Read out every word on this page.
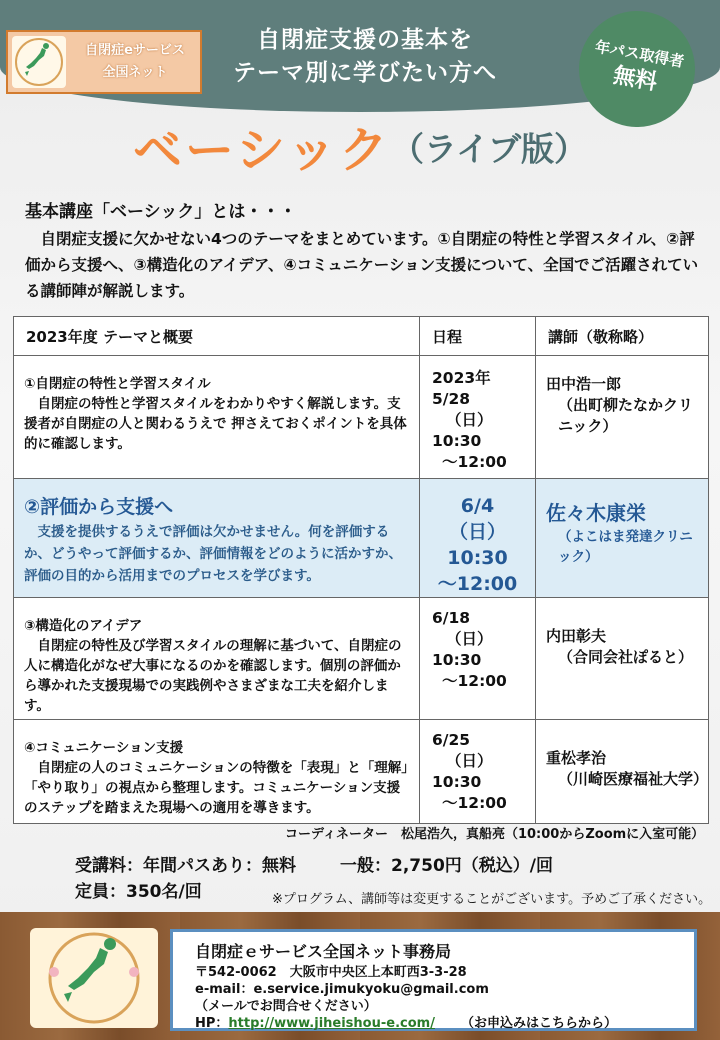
自閉症eサービス
全国ネット
自閉症支援の基本を
テーマ別に学びたい方へ
年パス取得者
無料
ベーシック（ライブ版）
基本講座「ベーシック」とは・・・

自閉症支援に欠かせない4つのテーマをまとめています。①自閉症の特性と学習スタイル、②評価から支援へ、③構造化のアイデア、④コミュニケーション支援について、全国でご活躍されている講師陣が解説します。

2023年度 テーマと概要	日程	講師（敬称略）

①自閉症の特性と学習スタイル
自閉症の特性と学習スタイルをわかりやすく解説します。支援者が自閉症の人と関わるうえで 押さえておくポイントを具体的に確認します。	2023年
5/28
（日）
10:30
～12:00	田中浩一郎
（出町柳たなかクリニック）

②評価から支援へ
支援を提供するうえで評価は欠かせません。何を評価するか、どうやって評価するか、評価情報をどのように活かすか、評価の目的から活用までのプロセスを学びます。	6/4
（日）
10:30
～12:00	佐々木康栄
（よこはま発達クリニック）

③構造化のアイデア
自閉症の特性及び学習スタイルの理解に基づいて、自閉症の人に構造化がなぜ大事になるのかを確認します。個別の評価から導かれた支援現場での実践例やさまざまな工夫を紹介します。	6/18
（日）
10:30
～12:00	内田彰夫
（合同会社ぽると）

④コミュニケーション支援
自閉症の人のコミュニケーションの特徴を「表現」と「理解」「やり取り」の視点から整理します。コミュニケーション支援のステップを踏まえた現場への適用を導きます。	6/25
（日）
10:30
～12:00	重松孝治
（川崎医療福祉大学）
コーディネーター　松尾浩久，真船亮（10:00からZoomに入室可能）
受講料：年間パスあり：無料	一般：2,750円（税込）/回
定員：350名/回	※プログラム、講師等は変更することがございます。予めご了承ください。
自閉症ｅサービス全国ネット事務局
〒542-0062　大阪市中央区上本町西3-3-28
e-mail：e.service.jimukyoku@gmail.com（メールでお問合せください）
HP：http://www.jiheishou-e.com/ （お申込みはこちらから）
